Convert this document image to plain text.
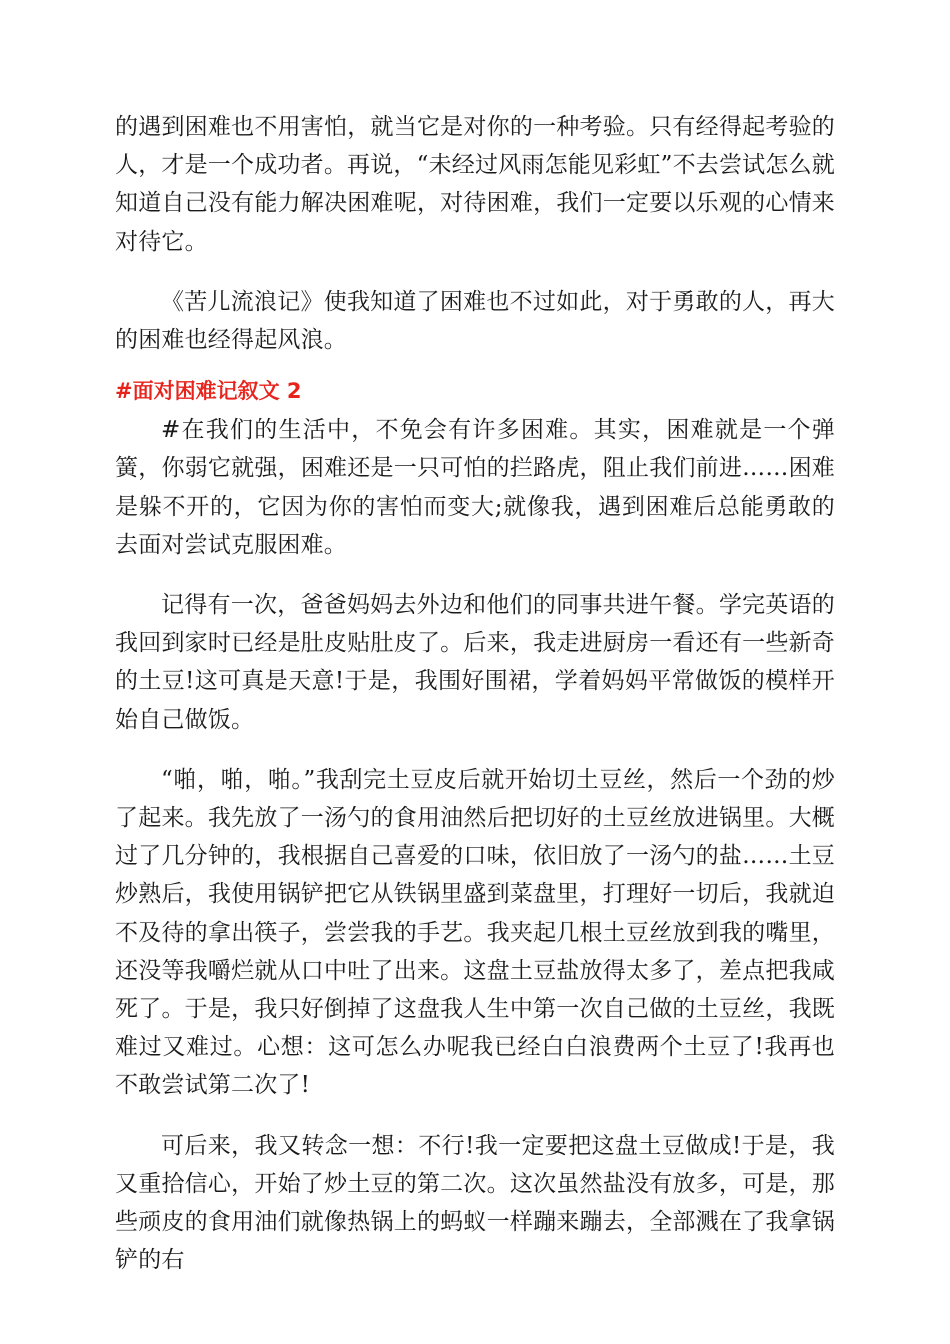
的遇到困难也不用害怕，就当它是对你的一种考验。只有经得起考验的人，才是一个成功者。再说，“未经过风雨怎能见彩虹”不去尝试怎么就知道自己没有能力解决困难呢，对待困难，我们一定要以乐观的心情来对待它。

《苦儿流浪记》使我知道了困难也不过如此，对于勇敢的人，再大的困难也经得起风浪。

#面对困难记叙文 2

#在我们的生活中，不免会有许多困难。其实，困难就是一个弹簧，你弱它就强，困难还是一只可怕的拦路虎，阻止我们前进……困难是躲不开的，它因为你的害怕而变大;就像我，遇到困难后总能勇敢的去面对尝试克服困难。

记得有一次，爸爸妈妈去外边和他们的同事共进午餐。学完英语的我回到家时已经是肚皮贴肚皮了。后来，我走进厨房一看还有一些新奇的土豆!这可真是天意!于是，我围好围裙，学着妈妈平常做饭的模样开始自己做饭。

“啪，啪，啪。”我刮完土豆皮后就开始切土豆丝，然后一个劲的炒了起来。我先放了一汤勺的食用油然后把切好的土豆丝放进锅里。大概过了几分钟的，我根据自己喜爱的口味，依旧放了一汤勺的盐……土豆炒熟后，我使用锅铲把它从铁锅里盛到菜盘里，打理好一切后，我就迫不及待的拿出筷子，尝尝我的手艺。我夹起几根土豆丝放到我的嘴里，还没等我嚼烂就从口中吐了出来。这盘土豆盐放得太多了，差点把我咸死了。于是，我只好倒掉了这盘我人生中第一次自己做的土豆丝，我既难过又难过。心想：这可怎么办呢我已经白白浪费两个土豆了!我再也不敢尝试第二次了!

可后来，我又转念一想：不行!我一定要把这盘土豆做成!于是，我又重拾信心，开始了炒土豆的第二次。这次虽然盐没有放多，可是，那些顽皮的食用油们就像热锅上的蚂蚁一样蹦来蹦去，全部溅在了我拿锅铲的右
